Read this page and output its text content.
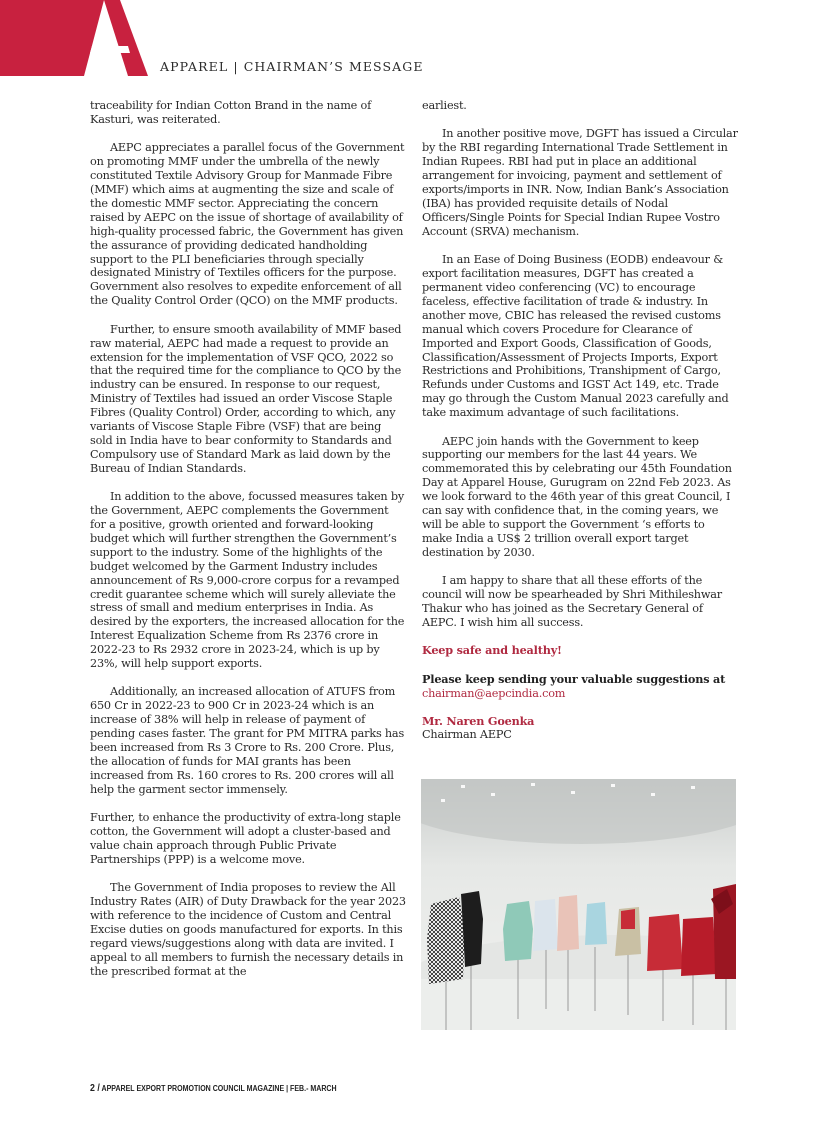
APPAREL | CHAIRMAN’S MESSAGE

traceability for Indian Cotton Brand in the name of Kasturi, was reiterated.

AEPC appreciates a parallel focus of the Government on promoting MMF under the umbrella of the newly constituted Textile Advisory Group for Manmade Fibre (MMF) which aims at augmenting the size and scale of the domestic MMF sector. Appreciating the concern raised by AEPC on the issue of shortage of availability of high-quality processed fabric, the Government has given the assurance of providing dedicated handholding support to the PLI beneficiaries through specially designated Ministry of Textiles officers for the purpose. Government also resolves to expedite enforcement of all the Quality Control Order (QCO) on the MMF products.

Further, to ensure smooth availability of MMF based raw material, AEPC had made a request to provide an extension for the implementation of VSF QCO, 2022 so that the required time for the compliance to QCO by the industry can be ensured. In response to our request, Ministry of Textiles had issued an order Viscose Staple Fibres (Quality Control) Order, according to which, any variants of Viscose Staple Fibre (VSF) that are being sold in India have to bear conformity to Standards and Compulsory use of Standard Mark as laid down by the Bureau of Indian Standards.

In addition to the above, focussed measures taken by the Government, AEPC complements the Government for a positive, growth oriented and forward-looking budget which will further strengthen the Government’s support to the industry. Some of the highlights of the budget welcomed by the Garment Industry includes announcement of Rs 9,000-crore corpus for a revamped credit guarantee scheme which will surely alleviate the stress of small and medium enterprises in India. As desired by the exporters, the increased allocation for the Interest Equalization Scheme from Rs 2376 crore in 2022-23 to Rs 2932 crore in 2023-24, which is up by 23%, will help support exports.

Additionally, an increased allocation of ATUFS from 650 Cr in 2022-23 to 900 Cr in 2023-24 which is an increase of 38% will help in release of payment of pending cases faster. The grant for PM MITRA parks has been increased from Rs 3 Crore to Rs. 200 Crore. Plus, the allocation of funds for MAI grants has been increased from Rs. 160 crores to Rs. 200 crores will all help the garment sector immensely.

Further, to enhance the productivity of extra-long staple cotton, the Government will adopt a cluster-based and value chain approach through Public Private Partnerships (PPP) is a welcome move.

The Government of India proposes to review the All Industry Rates (AIR) of Duty Drawback for the year 2023 with reference to the incidence of Custom and Central Excise duties on goods manufactured for exports. In this regard views/suggestions along with data are invited. I appeal to all members to furnish the necessary details in the prescribed format at the

earliest.

In another positive move, DGFT has issued a Circular by the RBI regarding International Trade Settlement in Indian Rupees. RBI had put in place an additional arrangement for invoicing, payment and settlement of exports/imports in INR. Now, Indian Bank’s Association (IBA) has provided requisite details of Nodal Officers/Single Points for Special Indian Rupee Vostro Account (SRVA) mechanism.

In an Ease of Doing Business (EODB) endeavour & export facilitation measures, DGFT has created a permanent video conferencing (VC) to encourage faceless, effective facilitation of trade & industry. In another move, CBIC has released the revised customs manual which covers Procedure for Clearance of Imported and Export Goods, Classification of Goods, Classification/Assessment of Projects Imports, Export Restrictions and Prohibitions, Transhipment of Cargo, Refunds under Customs and IGST Act 149, etc. Trade may go through the Custom Manual 2023 carefully and take maximum advantage of such facilitations.

AEPC join hands with the Government to keep supporting our members for the last 44 years. We commemorated this by celebrating our 45th Foundation Day at Apparel House, Gurugram on 22nd Feb 2023. As we look forward to the 46th year of this great Council, I can say with confidence that, in the coming years, we will be able to support the Government ‘s efforts to make India a US$ 2 trillion overall export target destination by 2030.

I am happy to share that all these efforts of the council will now be spearheaded by Shri Mithileshwar Thakur who has joined as the Secretary General of AEPC. I wish him all success.

Keep safe and healthy!

Please keep sending your valuable suggestions at
chairman@aepcindia.com

Mr. Naren Goenka
Chairman AEPC

2 / APPAREL EXPORT PROMOTION COUNCIL MAGAZINE | FEB.- MARCH
